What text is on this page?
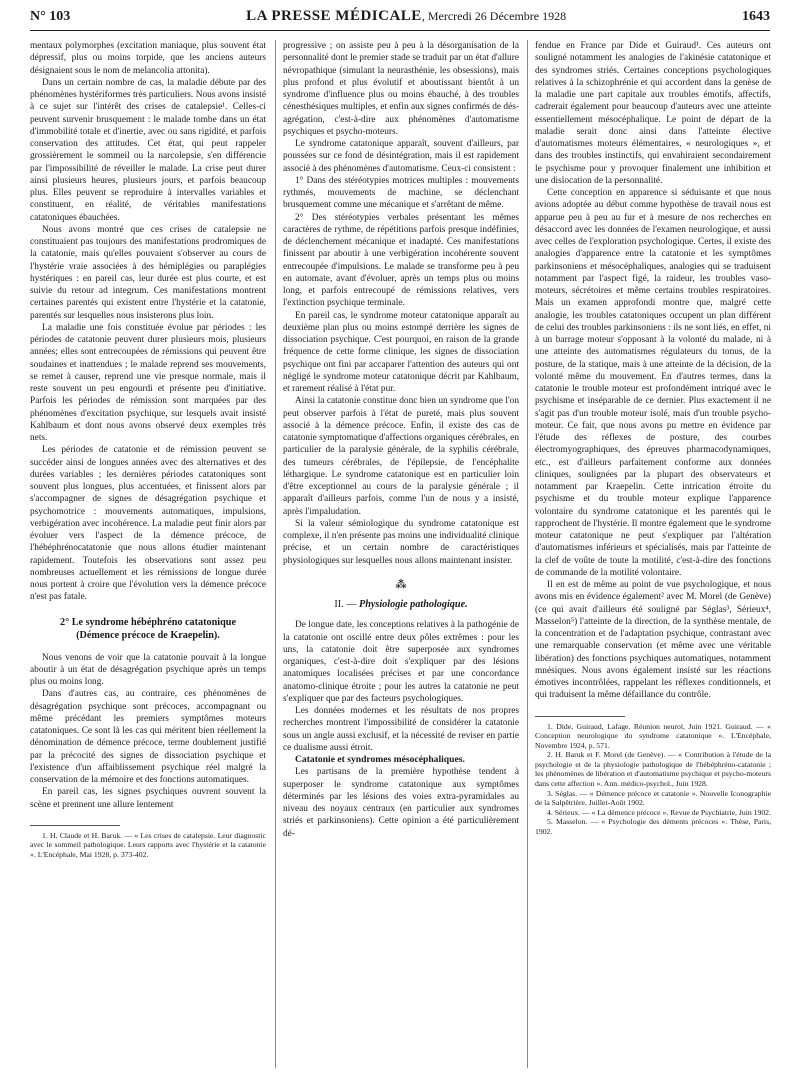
N° 103	LA PRESSE MÉDICALE, Mercredi 26 Décembre 1928	1643

mentaux polymorphes (excitation maniaque, plus souvent état dépressif, plus ou moins torpide, que les anciens auteurs désignaient sous le nom de melancolia attonita).

Dans un certain nombre de cas, la maladie débute par des phénomènes hystériformes très particuliers. Nous avons insisté à ce sujet sur l'intérêt des crises de catalepsie¹. Celles-ci peuvent survenir brusquement : le malade tombe dans un état d'immobilité totale et d'inertie, avec ou sans rigidité, et parfois conservation des attitudes. Cet état, qui peut rappeler grossièrement le sommeil ou la narcolepsie, s'en différencie par l'impossibilité de réveiller le malade. La crise peut durer ainsi plusieurs heures, plusieurs jours, et parfois beaucoup plus. Elles peuvent se reproduire à intervalles variables et constituent, en réalité, de véritables manifestations catatoniques ébauchées.

Nous avons montré que ces crises de catalepsie ne constituaient pas toujours des manifestations prodromiques de la catatonie, mais qu'elles pouvaient s'observer au cours de l'hystérie vraie associées à des hémiplégies ou paraplégies hystériques : en pareil cas, leur durée est plus courte, et est suivie du retour ad integrum. Ces manifestations montrent certaines parentés qui existent entre l'hystérie et la catatonie, parentés sur lesquelles nous insisterons plus loin.

La maladie une fois constituée évolue par périodes : les périodes de catatonie peuvent durer plusieurs mois, plusieurs années; elles sont entrecoupées de rémissions qui peuvent être soudaines et inattendues ; le malade reprend ses mouvements, se remet à causer, reprend une vie presque normale, mais il reste souvent un peu engourdi et présente peu d'initiative. Parfois les périodes de rémission sont marquées par des phénomènes d'excitation psychique, sur lesquels avait insisté Kahlbaum et dont nous avons observé deux exemples très nets.

Les périodes de catatonie et de rémission peuvent se succéder ainsi de longues années avec des alternatives et des durées variables ; les dernières périodes catatoniques sont souvent plus longues, plus accentuées, et finissent alors par s'accompagner de signes de désagrégation psychique et psychomotrice : mouvements automatiques, impulsions, verbigération avec incohérence. La maladie peut finir alors par évoluer vers l'aspect de la démence précoce, de l'hébéphrénocatatonie que nous allons étudier maintenant rapidement. Toutefois les observations sont assez peu nombreuses actuellement et les rémissions de longue durée nous portent à croire que l'évolution vers la démence précoce n'est pas fatale.

2° Le syndrome hébéphréno catatonique
(Démence précoce de Kraepelin).

Nous venons de voir que la catatonie pouvait à la longue aboutir à un état de désagrégation psychique après un temps plus ou moins long.

Dans d'autres cas, au contraire, ces phénomènes de désagrégation psychique sont précoces, accompagnant ou même précédant les premiers symptômes moteurs catatoniques. Ce sont là les cas qui méritent bien réellement la dénomination de démence précoce, terme doublement justifié par la précocité des signes de dissociation psychique et l'existence d'un affaiblissement psychique réel malgré la conservation de la mémoire et des fonctions automatiques.

En pareil cas, les signes psychiques ouvrent souvent la scène et prennent une allure lentement

1. H. Claude et H. Baruk. — « Les crises de catalepsie. Leur diagnostic avec le sommeil pathologique. Leurs rapports avec l'hystérie et la catatonie ». L'Encéphale, Mai 1928, p. 373-402.

progressive ; on assiste peu à peu à la désorganisation de la personnalité dont le premier stade se traduit par un état d'allure névropathique (simulant la neurasthénie, les obsessions), mais plus profond et plus évolutif et aboutissant bientôt à un syndrome d'influence plus ou moins ébauché, à des troubles cénesthésiques multiples, et enfin aux signes confirmés de dés-agrégation, c'est-à-dire aux phénomènes d'automatisme psychiques et psycho-moteurs.

Le syndrome catatonique apparaît, souvent d'ailleurs, par poussées sur ce fond de désintégration, mais il est rapidement associé à des phénomènes d'automatisme. Ceux-ci consistent :

1° Dans des stéréotypies motrices multiples : mouvements rythmés, mouvements de machine, se déclenchant brusquement comme une mécanique et s'arrêtant de même.

2° Des stéréotypies verbales présentant les mêmes caractères de rythme, de répétitions parfois presque indéfinies, de déclenchement mécanique et inadapté. Ces manifestations finissent par aboutir à une verbigération incohérente souvent entrecoupée d'impulsions. Le malade se transforme peu à peu en automate, avant d'évoluer, après un temps plus ou moins long, et parfois entrecoupé de rémissions relatives, vers l'extinction psychique terminale.

En pareil cas, le syndrome moteur catatonique apparaît au deuxième plan plus ou moins estompé derrière les signes de dissociation psychique. C'est pourquoi, en raison de la grande fréquence de cette forme clinique, les signes de dissociation psychique ont fini par accaparer l'attention des auteurs qui ont négligé le syndrome moteur catatonique décrit par Kahlbaum, et rarement réalisé à l'état pur.

Ainsi la catatonie constitue donc bien un syndrome que l'on peut observer parfois à l'état de pureté, mais plus souvent associé à la démence précoce. Enfin, il existe des cas de catatonie symptomatique d'affections organiques cérébrales, en particulier de la paralysie générale, de la syphilis cérébrale, des tumeurs cérébrales, de l'épilepsie, de l'encéphalite léthargique. Le syndrome catatonique est en particulier loin d'être exceptionnel au cours de la paralysie générale ; il apparaît d'ailleurs parfois, comme l'un de nous y a insisté, après l'impaludation.

Si la valeur sémiologique du syndrome catatonique est complexe, il n'en présente pas moins une individualité clinique précise, et un certain nombre de caractéristiques physiologiques sur lesquelles nous allons maintenant insister.

⁂
II. — Physiologie pathologique.

De longue date, les conceptions relatives à la pathogénie de la catatonie ont oscillé entre deux pôles extrêmes : pour les uns, la catatonie doit être superposée aux syndromes organiques, c'est-à-dire doit s'expliquer par des lésions anatomiques localisées précises et par une concordance anatomo-clinique étroite ; pour les autres la catatonie ne peut s'expliquer que par des facteurs psychologiques.

Les données modernes et les résultats de nos propres recherches montrent l'impossibilité de considérer la catatonie sous un angle aussi exclusif, et la nécessité de reviser en partie ce dualisme aussi étroit.

Catatonie et syndromes mésocéphaliques.

Les partisans de la première hypothèse tendent à superposer le syndrome catatonique aux symptômes déterminés par les lésions des voies extra-pyramidales au niveau des noyaux centraux (en particulier aux syndromes striés et parkinsoniens). Cette opinion a été particulièrement dé-

fendue en France par Dide et Guiraud¹. Ces auteurs ont souligné notamment les analogies de l'akinésie catatonique et des syndromes striés. Certaines conceptions psychologiques relatives à la schizophrénie et qui accordent dans la genèse de la maladie une part capitale aux troubles émotifs, affectifs, cadrerait également pour beaucoup d'auteurs avec une atteinte essentiellement mésocéphalique. Le point de départ de la maladie serait donc ainsi dans l'atteinte élective d'automatismes moteurs élémentaires, « neurologiques », et dans des troubles instinctifs, qui envahiraient secondairement le psychisme pour y provoquer finalement une inhibition et une dislocation de la personnalité.

Cette conception en apparence si séduisante et que nous avions adoptée au début comme hypothèse de travail nous est apparue peu à peu au fur et à mesure de nos recherches en désaccord avec les données de l'examen neurologique, et aussi avec celles de l'exploration psychologique. Certes, il existe des analogies d'apparence entre la catatonie et les symptômes parkinsoniens et mésocéphaliques, analogies qui se traduisent notamment par l'aspect figé, la raideur, les troubles vaso-moteurs, sécrétoires et même certains troubles respiratoires. Mais un examen approfondi montre que, malgré cette analogie, les troubles catatoniques occupent un plan différent de celui des troubles parkinsoniens : ils ne sont liés, en effet, ni à un barrage moteur s'opposant à la volonté du malade, ni à une atteinte des automatismes régulateurs du tonus, de la posture, de la statique, mais à une atteinte de la décision, de la volonté même du mouvement. En d'autres termes, dans la catatonie le trouble moteur est profondément intriqué avec le psychisme et inséparable de ce dernier. Plus exactement il ne s'agit pas d'un trouble moteur isolé, mais d'un trouble psycho-moteur. Ce fait, que nous avons pu mettre en évidence par l'étude des réflexes de posture, des courbes électromyographiques, des épreuves pharmacodynamiques, etc., est d'ailleurs parfaitement conforme aux données cliniques, soulignées par la plupart des observateurs et notamment par Kraepelin. Cette intrication étroite du psychisme et du trouble moteur explique l'apparence volontaire du syndrome catatonique et les parentés qui le rapprochent de l'hystérie. Il montre également que le syndrome moteur catatonique ne peut s'expliquer par l'altération d'automatismes inférieurs et spécialisés, mais par l'atteinte de la clef de voûte de toute la motilité, c'est-à-dire des fonctions de commande de la motilité volontaire.

Il en est de même au point de vue psychologique, et nous avons mis en évidence également² avec M. Morel (de Genève) (ce qui avait d'ailleurs été souligné par Séglas³, Sérieux⁴, Masselon⁵) l'atteinte de la direction, de la synthèse mentale, de la concentration et de l'adaptation psychique, contrastant avec une remarquable conservation (et même avec une véritable libération) des fonctions psychiques automatiques, notamment mnésiques. Nous avons également insisté sur les réactions émotives incontrôlées, rappelant les réflexes conditionnels, et qui traduisent la même défaillance du contrôle.

1. Dide, Guiraud, Lafage. Réunion neurol, Juin 1921. Guiraud. — « Conception neurologique du syndrome catatonique ». L'Encéphale, Novembre 1924, p. 571.

2. H. Baruk et F. Morel (de Genève). — « Contribution à l'étude de la psychologie et de la physiologie pathologique de l'hébéphréno-catatonie ; les phénomènes de libération et d'automatisme psychique et psycho-moteurs dans cette affection ». Ann. médico-psychol., Juin 1928.

3. Séglas. — « Démence précoce et catatonie ». Nouvelle Iconographie de la Salpêtrière, Juillet-Août 1902.

4. Sérieux. — « La démence précoce ». Revue de Psychiatrie, Juin 1902.

5. Masselon. — « Psychologie des déments précoces ». Thèse, Paris, 1902.
